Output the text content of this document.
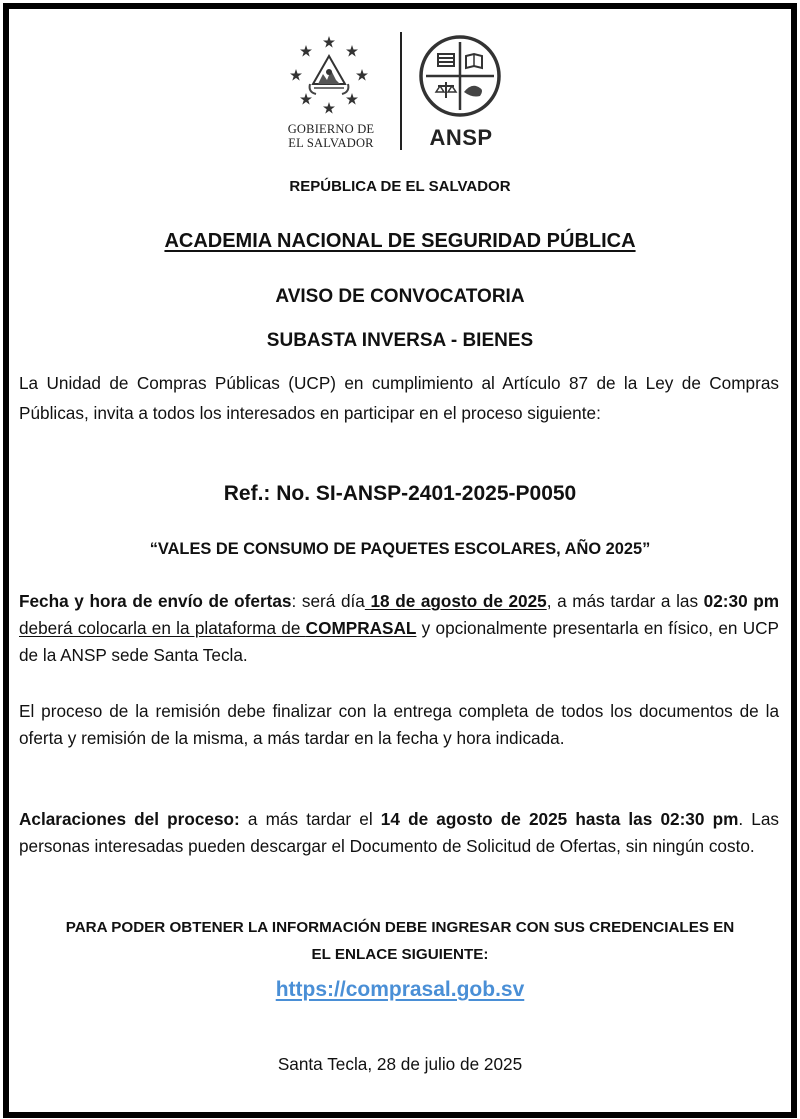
GOBIERNO DE
EL SALVADOR	ANSP
REPÚBLICA DE EL SALVADOR
ACADEMIA NACIONAL DE SEGURIDAD PÚBLICA
AVISO DE CONVOCATORIA
SUBASTA INVERSA - BIENES
La Unidad de Compras Públicas (UCP) en cumplimiento al Artículo 87 de la Ley de Compras Públicas, invita a todos los interesados en participar en el proceso siguiente:
Ref.: No. SI-ANSP-2401-2025-P0050
“VALES DE CONSUMO DE PAQUETES ESCOLARES, AÑO 2025”
Fecha y hora de envío de ofertas: será día 18 de agosto de 2025, a más tardar a las 02:30 pm deberá colocarla en la plataforma de COMPRASAL y opcionalmente presentarla en físico, en UCP de la ANSP sede Santa Tecla.
El proceso de la remisión debe finalizar con la entrega completa de todos los documentos de la oferta y remisión de la misma, a más tardar en la fecha y hora indicada.
Aclaraciones del proceso: a más tardar el 14 de agosto de 2025 hasta las 02:30 pm. Las personas interesadas pueden descargar el Documento de Solicitud de Ofertas, sin ningún costo.
PARA PODER OBTENER LA INFORMACIÓN DEBE INGRESAR CON SUS CREDENCIALES EN
EL ENLACE SIGUIENTE:
https://comprasal.gob.sv
Santa Tecla, 28 de julio de 2025
